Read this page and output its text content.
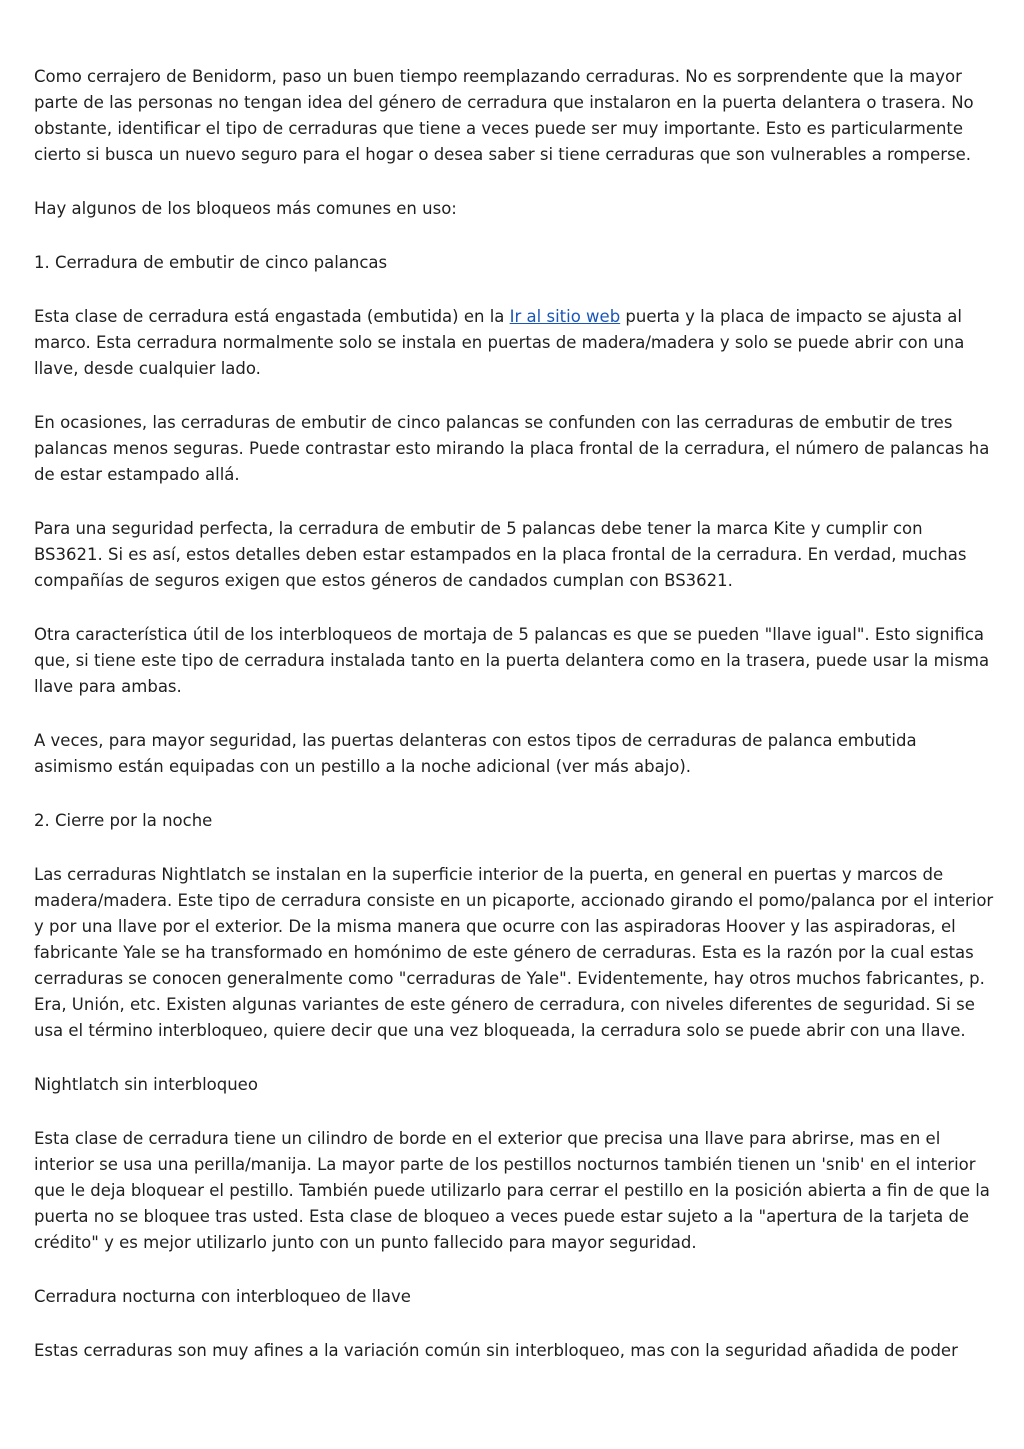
Como cerrajero de Benidorm, paso un buen tiempo reemplazando cerraduras. No es sorprendente que la mayor parte de las personas no tengan idea del género de cerradura que instalaron en la puerta delantera o trasera. No obstante, identificar el tipo de cerraduras que tiene a veces puede ser muy importante. Esto es particularmente cierto si busca un nuevo seguro para el hogar o desea saber si tiene cerraduras que son vulnerables a romperse.

Hay algunos de los bloqueos más comunes en uso:

1. Cerradura de embutir de cinco palancas

Esta clase de cerradura está engastada (embutida) en la Ir al sitio web puerta y la placa de impacto se ajusta al marco. Esta cerradura normalmente solo se instala en puertas de madera/madera y solo se puede abrir con una llave, desde cualquier lado.

En ocasiones, las cerraduras de embutir de cinco palancas se confunden con las cerraduras de embutir de tres palancas menos seguras. Puede contrastar esto mirando la placa frontal de la cerradura, el número de palancas ha de estar estampado allá.

Para una seguridad perfecta, la cerradura de embutir de 5 palancas debe tener la marca Kite y cumplir con BS3621. Si es así, estos detalles deben estar estampados en la placa frontal de la cerradura. En verdad, muchas compañías de seguros exigen que estos géneros de candados cumplan con BS3621.

Otra característica útil de los interbloqueos de mortaja de 5 palancas es que se pueden "llave igual". Esto significa que, si tiene este tipo de cerradura instalada tanto en la puerta delantera como en la trasera, puede usar la misma llave para ambas.

A veces, para mayor seguridad, las puertas delanteras con estos tipos de cerraduras de palanca embutida asimismo están equipadas con un pestillo a la noche adicional (ver más abajo).

2. Cierre por la noche

Las cerraduras Nightlatch se instalan en la superficie interior de la puerta, en general en puertas y marcos de madera/madera. Este tipo de cerradura consiste en un picaporte, accionado girando el pomo/palanca por el interior y por una llave por el exterior. De la misma manera que ocurre con las aspiradoras Hoover y las aspiradoras, el fabricante Yale se ha transformado en homónimo de este género de cerraduras. Esta es la razón por la cual estas cerraduras se conocen generalmente como "cerraduras de Yale". Evidentemente, hay otros muchos fabricantes, p. Era, Unión, etc. Existen algunas variantes de este género de cerradura, con niveles diferentes de seguridad. Si se usa el término interbloqueo, quiere decir que una vez bloqueada, la cerradura solo se puede abrir con una llave.

Nightlatch sin interbloqueo

Esta clase de cerradura tiene un cilindro de borde en el exterior que precisa una llave para abrirse, mas en el interior se usa una perilla/manija. La mayor parte de los pestillos nocturnos también tienen un 'snib' en el interior que le deja bloquear el pestillo. También puede utilizarlo para cerrar el pestillo en la posición abierta a fin de que la puerta no se bloquee tras usted. Esta clase de bloqueo a veces puede estar sujeto a la "apertura de la tarjeta de crédito" y es mejor utilizarlo junto con un punto fallecido para mayor seguridad.

Cerradura nocturna con interbloqueo de llave

Estas cerraduras son muy afines a la variación común sin interbloqueo, mas con la seguridad añadida de poder
